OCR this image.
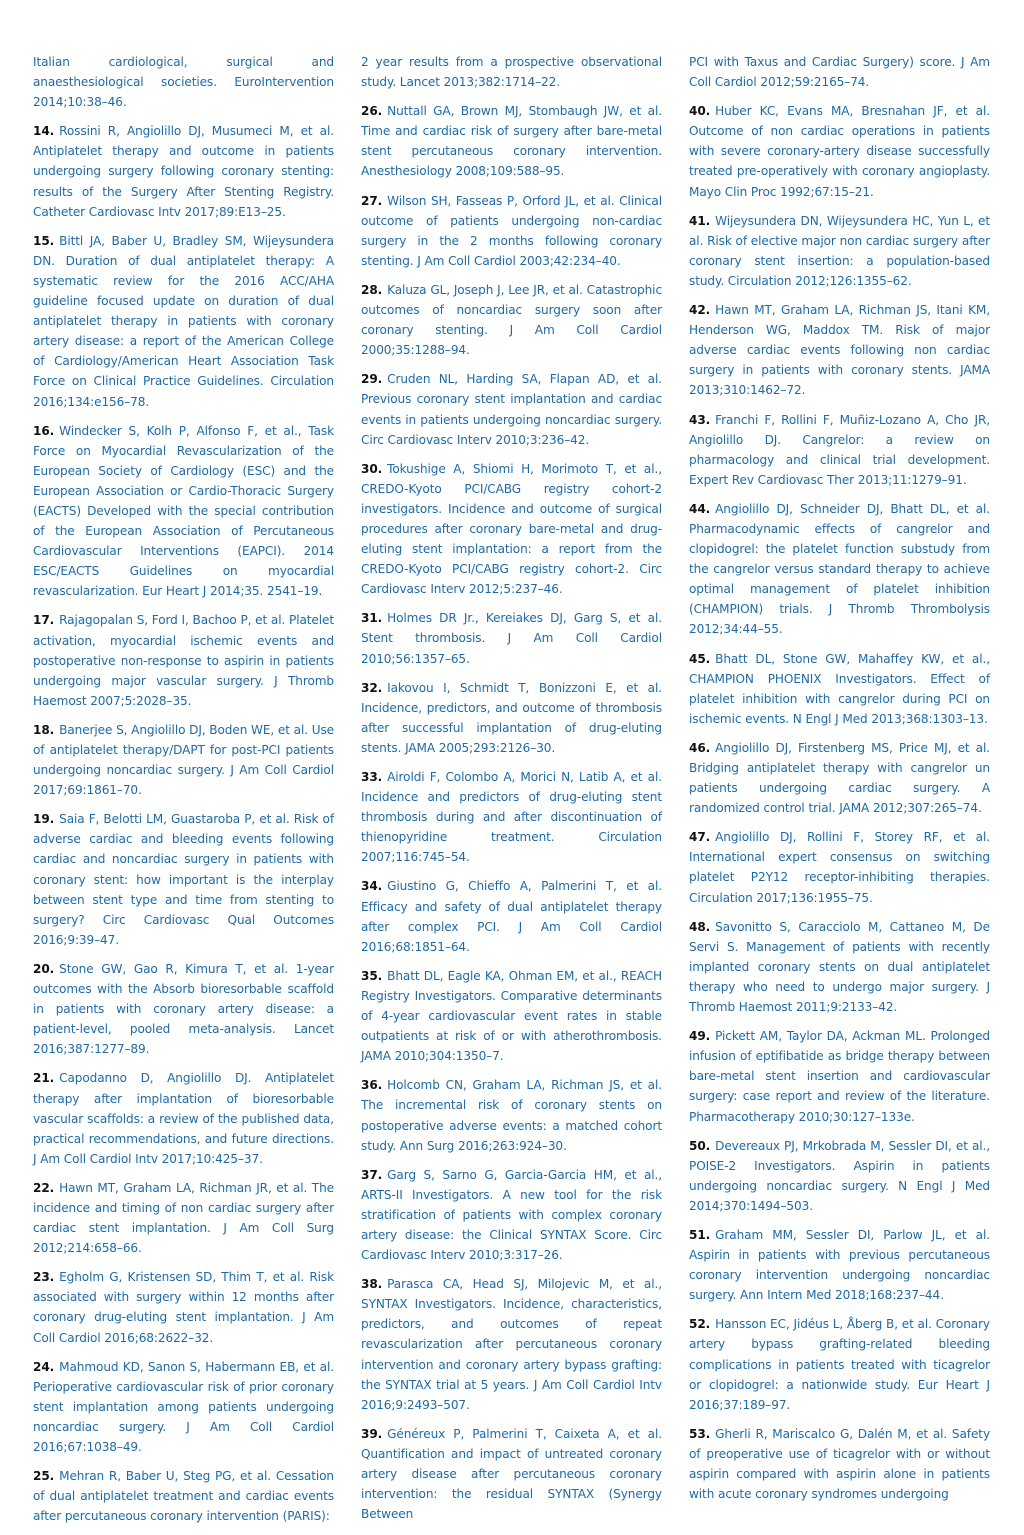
Italian cardiological, surgical and anaesthesiological societies. EuroIntervention 2014;10:38–46.

14. Rossini R, Angiolillo DJ, Musumeci M, et al. Antiplatelet therapy and outcome in patients undergoing surgery following coronary stenting: results of the Surgery After Stenting Registry. Catheter Cardiovasc Intv 2017;89:E13–25.

15. Bittl JA, Baber U, Bradley SM, Wijeysundera DN. Duration of dual antiplatelet therapy: A systematic review for the 2016 ACC/AHA guideline focused update on duration of dual antiplatelet therapy in patients with coronary artery disease: a report of the American College of Cardiology/American Heart Association Task Force on Clinical Practice Guidelines. Circulation 2016;134:e156–78.

16. Windecker S, Kolh P, Alfonso F, et al., Task Force on Myocardial Revascularization of the European Society of Cardiology (ESC) and the European Association or Cardio-Thoracic Surgery (EACTS) Developed with the special contribution of the European Association of Percutaneous Cardiovascular Interventions (EAPCI). 2014 ESC/EACTS Guidelines on myocardial revascularization. Eur Heart J 2014;35. 2541–19.

17. Rajagopalan S, Ford I, Bachoo P, et al. Platelet activation, myocardial ischemic events and postoperative non-response to aspirin in patients undergoing major vascular surgery. J Thromb Haemost 2007;5:2028–35.

18. Banerjee S, Angiolillo DJ, Boden WE, et al. Use of antiplatelet therapy/DAPT for post-PCI patients undergoing noncardiac surgery. J Am Coll Cardiol 2017;69:1861–70.

19. Saia F, Belotti LM, Guastaroba P, et al. Risk of adverse cardiac and bleeding events following cardiac and noncardiac surgery in patients with coronary stent: how important is the interplay between stent type and time from stenting to surgery? Circ Cardiovasc Qual Outcomes 2016;9:39–47.

20. Stone GW, Gao R, Kimura T, et al. 1-year outcomes with the Absorb bioresorbable scaffold in patients with coronary artery disease: a patient-level, pooled meta-analysis. Lancet 2016;387:1277–89.

21. Capodanno D, Angiolillo DJ. Antiplatelet therapy after implantation of bioresorbable vascular scaffolds: a review of the published data, practical recommendations, and future directions. J Am Coll Cardiol Intv 2017;10:425–37.

22. Hawn MT, Graham LA, Richman JR, et al. The incidence and timing of non cardiac surgery after cardiac stent implantation. J Am Coll Surg 2012;214:658–66.

23. Egholm G, Kristensen SD, Thim T, et al. Risk associated with surgery within 12 months after coronary drug-eluting stent implantation. J Am Coll Cardiol 2016;68:2622–32.

24. Mahmoud KD, Sanon S, Habermann EB, et al. Perioperative cardiovascular risk of prior coronary stent implantation among patients undergoing noncardiac surgery. J Am Coll Cardiol 2016;67:1038–49.

25. Mehran R, Baber U, Steg PG, et al. Cessation of dual antiplatelet treatment and cardiac events after percutaneous coronary intervention (PARIS):

2 year results from a prospective observational study. Lancet 2013;382:1714–22.

26. Nuttall GA, Brown MJ, Stombaugh JW, et al. Time and cardiac risk of surgery after bare-metal stent percutaneous coronary intervention. Anesthesiology 2008;109:588–95.

27. Wilson SH, Fasseas P, Orford JL, et al. Clinical outcome of patients undergoing non-cardiac surgery in the 2 months following coronary stenting. J Am Coll Cardiol 2003;42:234–40.

28. Kaluza GL, Joseph J, Lee JR, et al. Catastrophic outcomes of noncardiac surgery soon after coronary stenting. J Am Coll Cardiol 2000;35:1288–94.

29. Cruden NL, Harding SA, Flapan AD, et al. Previous coronary stent implantation and cardiac events in patients undergoing noncardiac surgery. Circ Cardiovasc Interv 2010;3:236–42.

30. Tokushige A, Shiomi H, Morimoto T, et al., CREDO-Kyoto PCI/CABG registry cohort-2 investigators. Incidence and outcome of surgical procedures after coronary bare-metal and drug-eluting stent implantation: a report from the CREDO-Kyoto PCI/CABG registry cohort-2. Circ Cardiovasc Interv 2012;5:237–46.

31. Holmes DR Jr., Kereiakes DJ, Garg S, et al. Stent thrombosis. J Am Coll Cardiol 2010;56:1357–65.

32. Iakovou I, Schmidt T, Bonizzoni E, et al. Incidence, predictors, and outcome of thrombosis after successful implantation of drug-eluting stents. JAMA 2005;293:2126–30.

33. Airoldi F, Colombo A, Morici N, Latib A, et al. Incidence and predictors of drug-eluting stent thrombosis during and after discontinuation of thienopyridine treatment. Circulation 2007;116:745–54.

34. Giustino G, Chieffo A, Palmerini T, et al. Efficacy and safety of dual antiplatelet therapy after complex PCI. J Am Coll Cardiol 2016;68:1851–64.

35. Bhatt DL, Eagle KA, Ohman EM, et al., REACH Registry Investigators. Comparative determinants of 4-year cardiovascular event rates in stable outpatients at risk of or with atherothrombosis. JAMA 2010;304:1350–7.

36. Holcomb CN, Graham LA, Richman JS, et al. The incremental risk of coronary stents on postoperative adverse events: a matched cohort study. Ann Surg 2016;263:924–30.

37. Garg S, Sarno G, Garcia-Garcia HM, et al., ARTS-II Investigators. A new tool for the risk stratification of patients with complex coronary artery disease: the Clinical SYNTAX Score. Circ Cardiovasc Interv 2010;3:317–26.

38. Parasca CA, Head SJ, Milojevic M, et al., SYNTAX Investigators. Incidence, characteristics, predictors, and outcomes of repeat revascularization after percutaneous coronary intervention and coronary artery bypass grafting: the SYNTAX trial at 5 years. J Am Coll Cardiol Intv 2016;9:2493–507.

39. Généreux P, Palmerini T, Caixeta A, et al. Quantification and impact of untreated coronary artery disease after percutaneous coronary intervention: the residual SYNTAX (Synergy Between

PCI with Taxus and Cardiac Surgery) score. J Am Coll Cardiol 2012;59:2165–74.

40. Huber KC, Evans MA, Bresnahan JF, et al. Outcome of non cardiac operations in patients with severe coronary-artery disease successfully treated pre-operatively with coronary angioplasty. Mayo Clin Proc 1992;67:15–21.

41. Wijeysundera DN, Wijeysundera HC, Yun L, et al. Risk of elective major non cardiac surgery after coronary stent insertion: a population-based study. Circulation 2012;126:1355–62.

42. Hawn MT, Graham LA, Richman JS, Itani KM, Henderson WG, Maddox TM. Risk of major adverse cardiac events following non cardiac surgery in patients with coronary stents. JAMA 2013;310:1462–72.

43. Franchi F, Rollini F, Muñiz-Lozano A, Cho JR, Angiolillo DJ. Cangrelor: a review on pharmacology and clinical trial development. Expert Rev Cardiovasc Ther 2013;11:1279–91.

44. Angiolillo DJ, Schneider DJ, Bhatt DL, et al. Pharmacodynamic effects of cangrelor and clopidogrel: the platelet function substudy from the cangrelor versus standard therapy to achieve optimal management of platelet inhibition (CHAMPION) trials. J Thromb Thrombolysis 2012;34:44–55.

45. Bhatt DL, Stone GW, Mahaffey KW, et al., CHAMPION PHOENIX Investigators. Effect of platelet inhibition with cangrelor during PCI on ischemic events. N Engl J Med 2013;368:1303–13.

46. Angiolillo DJ, Firstenberg MS, Price MJ, et al. Bridging antiplatelet therapy with cangrelor un patients undergoing cardiac surgery. A randomized control trial. JAMA 2012;307:265–74.

47. Angiolillo DJ, Rollini F, Storey RF, et al. International expert consensus on switching platelet P2Y12 receptor-inhibiting therapies. Circulation 2017;136:1955–75.

48. Savonitto S, Caracciolo M, Cattaneo M, De Servi S. Management of patients with recently implanted coronary stents on dual antiplatelet therapy who need to undergo major surgery. J Thromb Haemost 2011;9:2133–42.

49. Pickett AM, Taylor DA, Ackman ML. Prolonged infusion of eptifibatide as bridge therapy between bare-metal stent insertion and cardiovascular surgery: case report and review of the literature. Pharmacotherapy 2010;30:127–133e.

50. Devereaux PJ, Mrkobrada M, Sessler DI, et al., POISE-2 Investigators. Aspirin in patients undergoing noncardiac surgery. N Engl J Med 2014;370:1494–503.

51. Graham MM, Sessler DI, Parlow JL, et al. Aspirin in patients with previous percutaneous coronary intervention undergoing noncardiac surgery. Ann Intern Med 2018;168:237–44.

52. Hansson EC, Jidéus L, Åberg B, et al. Coronary artery bypass grafting-related bleeding complications in patients treated with ticagrelor or clopidogrel: a nationwide study. Eur Heart J 2016;37:189–97.

53. Gherli R, Mariscalco G, Dalén M, et al. Safety of preoperative use of ticagrelor with or without aspirin compared with aspirin alone in patients with acute coronary syndromes undergoing
